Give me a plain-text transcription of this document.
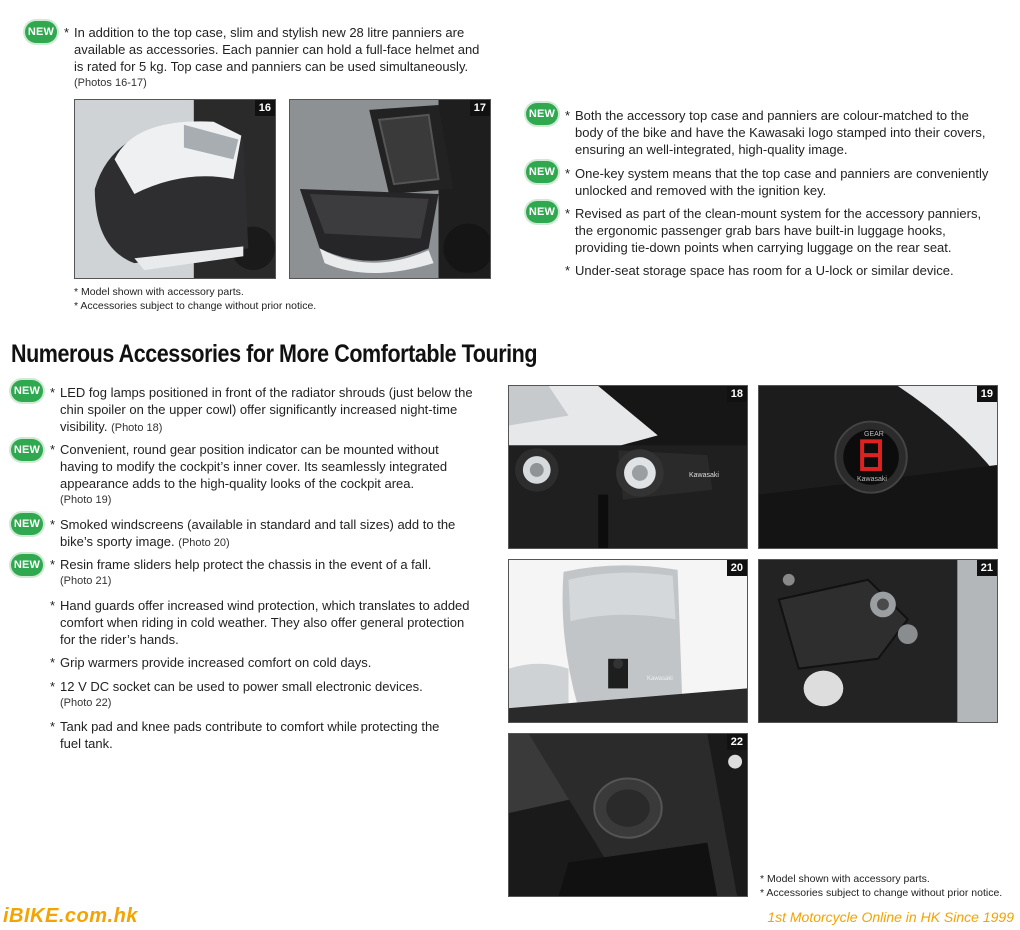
NEW * In addition to the top case, slim and stylish new 28 litre panniers are
available as accessories. Each pannier can hold a full-face helmet and
is rated for 5 kg. Top case and panniers can be used simultaneously.
(Photos 16-17)
16	17
* Model shown with accessory parts.
* Accessories subject to change without prior notice.
NEW * Both the accessory top case and panniers are colour-matched to the
body of the bike and have the Kawasaki logo stamped into their covers,
ensuring an well-integrated, high-quality image.
NEW * One-key system means that the top case and panniers are conveniently
unlocked and removed with the ignition key.
NEW * Revised as part of the clean-mount system for the accessory panniers,
the ergonomic passenger grab bars have built-in luggage hooks,
providing tie-down points when carrying luggage on the rear seat.
* Under-seat storage space has room for a U-lock or similar device.
Numerous Accessories for More Comfortable Touring
NEW * LED fog lamps positioned in front of the radiator shrouds (just below the
chin spoiler on the upper cowl) offer significantly increased night-time
visibility. (Photo 18)
NEW * Convenient, round gear position indicator can be mounted without
having to modify the cockpit’s inner cover. Its seamlessly integrated
appearance adds to the high-quality looks of the cockpit area.
(Photo 19)
NEW * Smoked windscreens (available in standard and tall sizes) add to the
bike’s sporty image. (Photo 20)
NEW * Resin frame sliders help protect the chassis in the event of a fall.
(Photo 21)
* Hand guards offer increased wind protection, which translates to added
comfort when riding in cold weather. They also offer general protection
for the rider’s hands.
* Grip warmers provide increased comfort on cold days.
* 12 V DC socket can be used to power small electronic devices.
(Photo 22)
* Tank pad and knee pads contribute to comfort while protecting the
fuel tank.
Kawasaki
18
GEAR
Kawasaki
19
Kawasaki
20	21
22
* Model shown with accessory parts.
* Accessories subject to change without prior notice.
iBIKE.com.hk	1st Motorcycle Online in HK Since 1999
